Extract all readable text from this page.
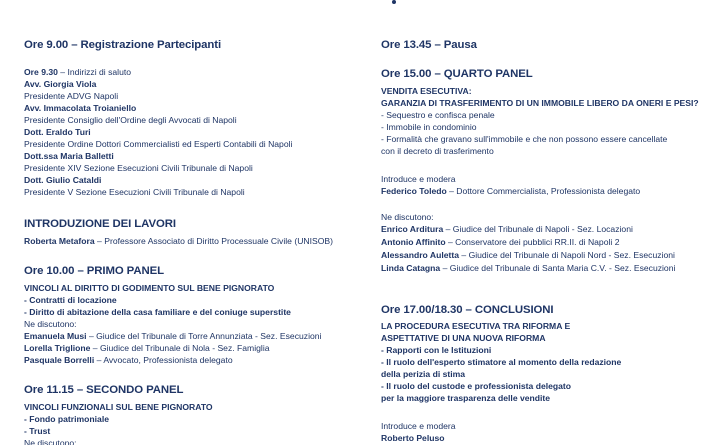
Ore 9.00 – Registrazione Partecipanti
Ore 9.30 – Indirizzi di saluto
Avv. Giorgia Viola
Presidente ADVG Napoli
Avv. Immacolata Troianiello
Presidente Consiglio dell'Ordine degli Avvocati di Napoli
Dott. Eraldo Turi
Presidente Ordine Dottori Commercialisti ed Esperti Contabili di Napoli
Dott.ssa Maria Balletti
Presidente XIV Sezione Esecuzioni Civili Tribunale di Napoli
Dott. Giulio Cataldi
Presidente V Sezione Esecuzioni Civili Tribunale di Napoli
INTRODUZIONE DEI LAVORI
Roberta Metafora – Professore Associato di Diritto Processuale Civile (UNISOB)
Ore 10.00 – PRIMO PANEL
VINCOLI AL DIRITTO DI GODIMENTO SUL BENE PIGNORATO
- Contratti di locazione
- Diritto di abitazione della casa familiare e del coniuge superstite
Ne discutono:
Emanuela Musi – Giudice del Tribunale di Torre Annunziata - Sez. Esecuzioni
Lorella Triglione – Giudice del Tribunale di Nola - Sez. Famiglia
Pasquale Borrelli – Avvocato, Professionista delegato
Ore 11.15 – SECONDO PANEL
VINCOLI FUNZIONALI SUL BENE PIGNORATO
- Fondo patrimoniale
- Trust
Ne discutono:
Ore 13.45 – Pausa
Ore 15.00 – QUARTO PANEL
VENDITA ESECUTIVA:
GARANZIA DI TRASFERIMENTO DI UN IMMOBILE LIBERO DA ONERI E PESI?
- Sequestro e confisca penale
- Immobile in condominio
- Formalità che gravano sull'immobile e che non possono essere cancellate
con il decreto di trasferimento
Introduce e modera
Federico Toledo – Dottore Commercialista, Professionista delegato
Ne discutono:
Enrico Arditura – Giudice del Tribunale di Napoli - Sez. Locazioni
Antonio Affinito – Conservatore dei pubblici RR.II. di Napoli 2
Alessandro Auletta – Giudice del Tribunale di Napoli Nord - Sez. Esecuzioni
Linda Catagna – Giudice del Tribunale di Santa Maria C.V. - Sez. Esecuzioni
Ore 17.00/18.30 – CONCLUSIONI
LA PROCEDURA ESECUTIVA TRA RIFORMA E
ASPETTATIVE DI UNA NUOVA RIFORMA
- Rapporti con le Istituzioni
- Il ruolo dell'esperto stimatore al momento della redazione
della perizia di stima
- Il ruolo del custode e professionista delegato
per la maggiore trasparenza delle vendite
Introduce e modera
Roberto Peluso
